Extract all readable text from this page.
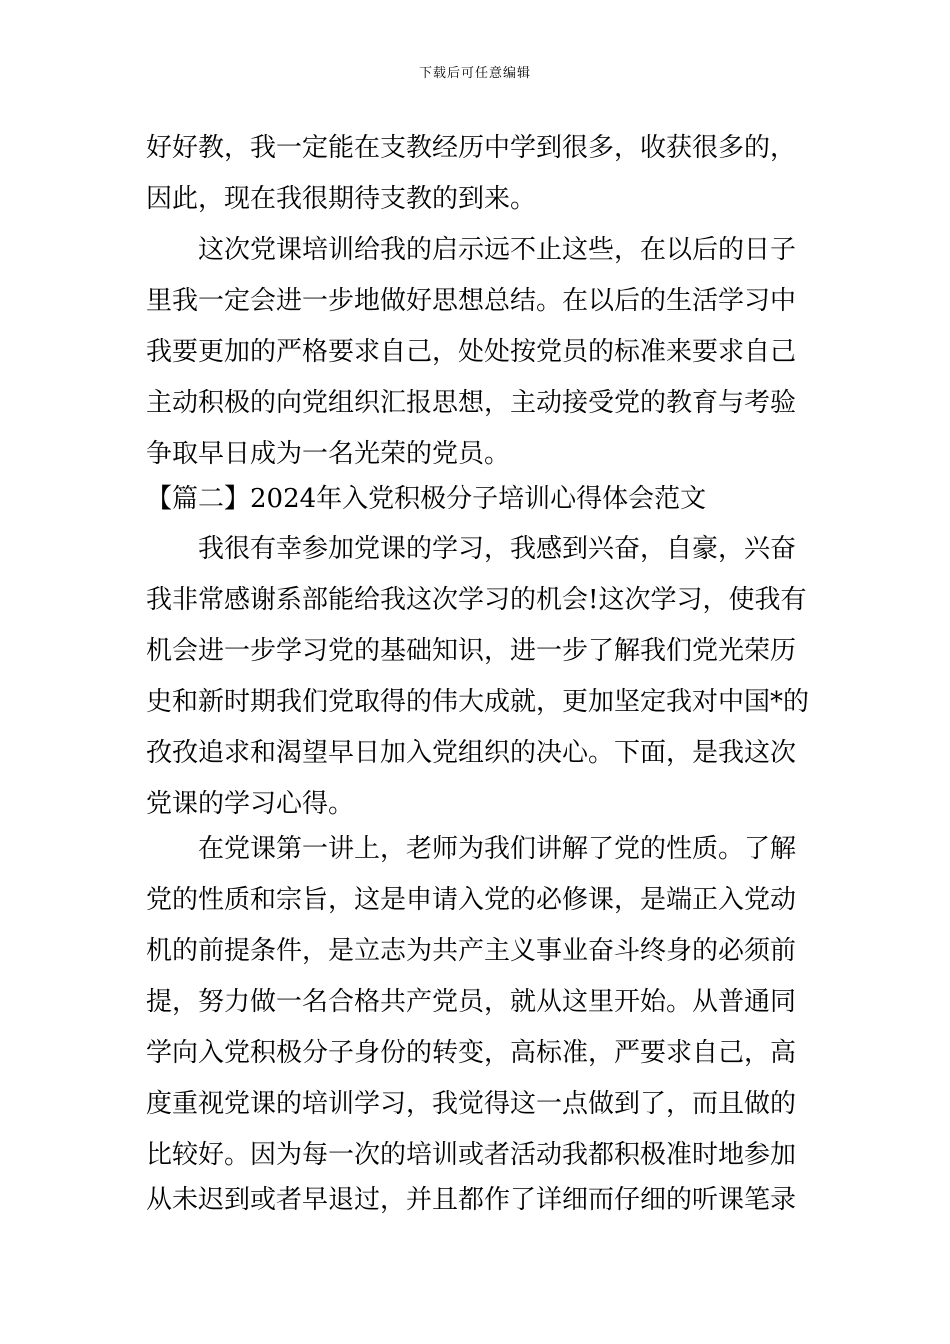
下载后可任意编辑
好好教，我一定能在支教经历中学到很多，收获很多的，
因此，现在我很期待支教的到来。
　　这次党课培训给我的启示远不止这些，在以后的日子
里我一定会进一步地做好思想总结。在以后的生活学习中
我要更加的严格要求自己，处处按党员的标准来要求自己
主动积极的向党组织汇报思想，主动接受党的教育与考验
争取早日成为一名光荣的党员。
【篇二】2024年入党积极分子培训心得体会范文
　　我很有幸参加党课的学习，我感到兴奋，自豪，兴奋
我非常感谢系部能给我这次学习的机会!这次学习，使我有
机会进一步学习党的基础知识，进一步了解我们党光荣历
史和新时期我们党取得的伟大成就，更加坚定我对中国*的
孜孜追求和渴望早日加入党组织的决心。下面，是我这次
党课的学习心得。
　　在党课第一讲上，老师为我们讲解了党的性质。了解
党的性质和宗旨，这是申请入党的必修课，是端正入党动
机的前提条件，是立志为共产主义事业奋斗终身的必须前
提，努力做一名合格共产党员，就从这里开始。从普通同
学向入党积极分子身份的转变，高标准，严要求自己，高
度重视党课的培训学习，我觉得这一点做到了，而且做的
比较好。因为每一次的培训或者活动我都积极准时地参加
从未迟到或者早退过，并且都作了详细而仔细的听课笔录
